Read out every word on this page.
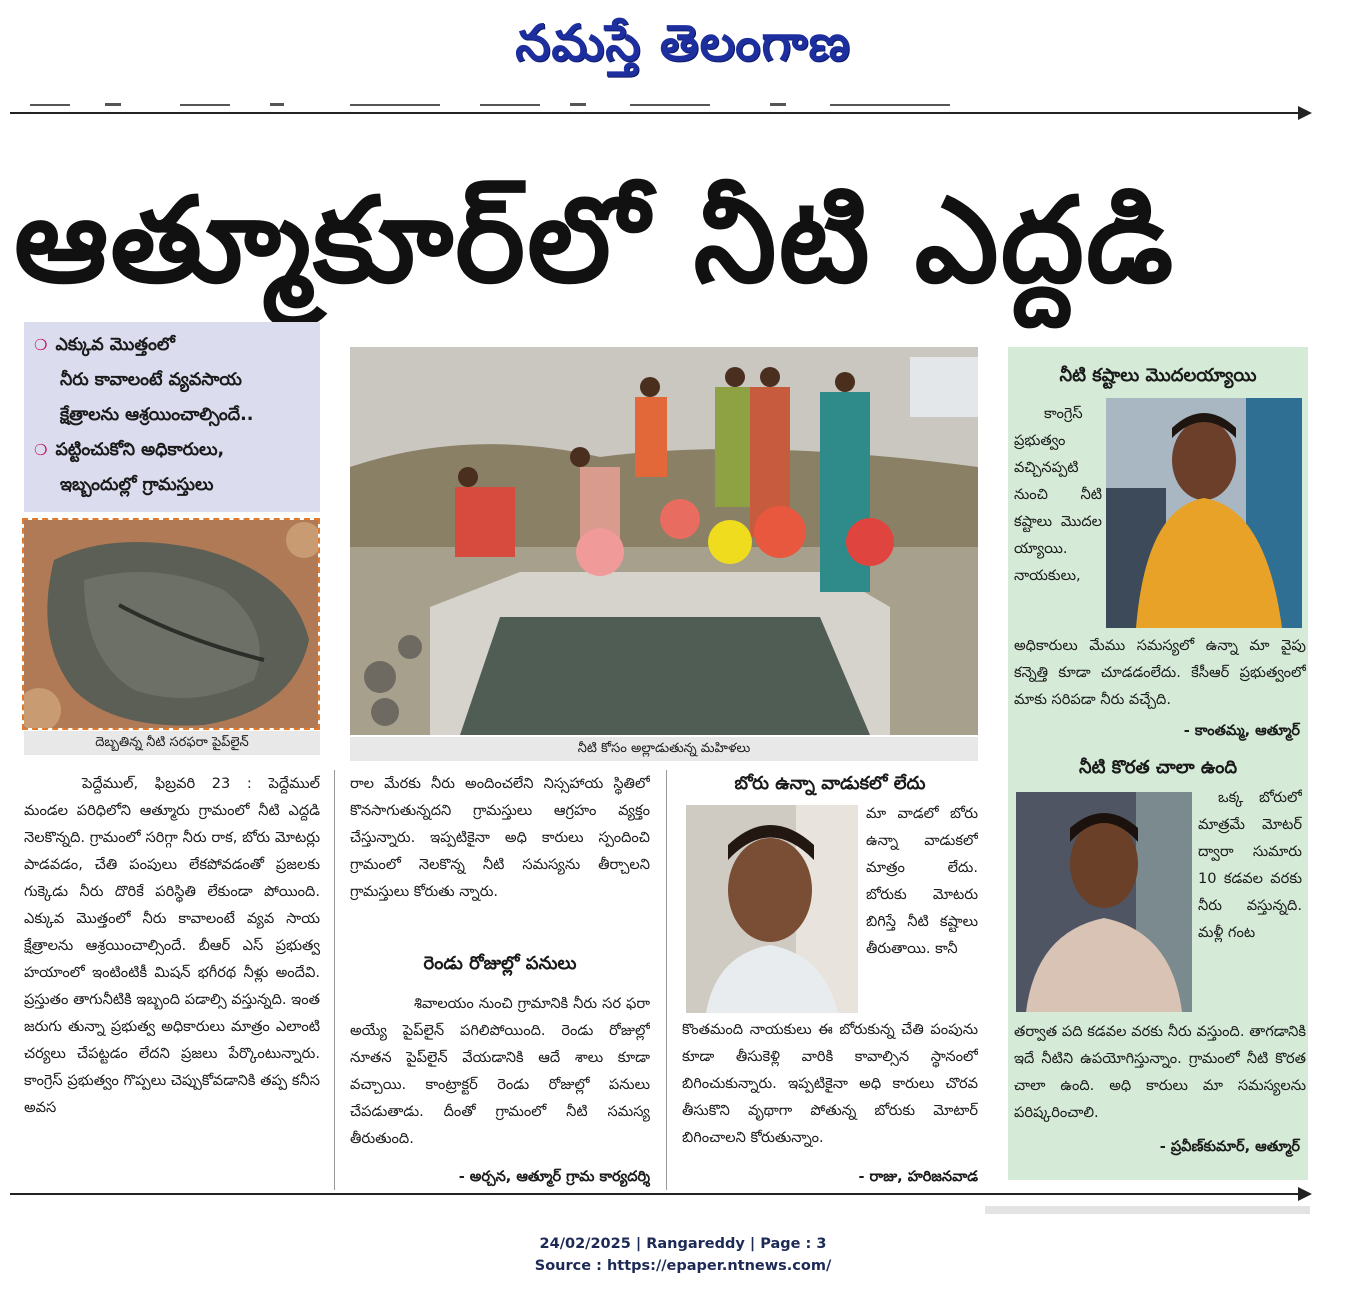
నమస్తే తెలంగాణ
ఆత్మూకూర్‌లో నీటి ఎద్దడి
❍ ఎక్కువ మొత్తంలో
నీరు కావాలంటే వ్యవసాయ
క్షేత్రాలను ఆశ్రయించాల్సిందే..
❍ పట్టించుకోని అధికారులు,
ఇబ్బందుల్లో గ్రామస్తులు
దెబ్బతిన్న నీటి సరఫరా పైప్‌లైన్	నీటి కోసం అల్లాడుతున్న మహిళలు
పెద్దేముల్, ఫిబ్రవరి 23 : పెద్దేముల్ మండల పరిధిలోని ఆత్మూరు గ్రామంలో నీటి ఎద్దడి నెలకొన్నది. గ్రామంలో సరిగ్గా నీరు రాక, బోరు మోటర్లు పాడవడం, చేతి పంపులు లేకపోవడంతో ప్రజలకు గుక్కెడు నీరు దొరికే పరిస్థితి లేకుండా పోయింది. ఎక్కువ మొత్తంలో నీరు కావాలంటే వ్యవ సాయ క్షేత్రాలను ఆశ్రయించాల్సిందే. బీఆర్ ఎస్ ప్రభుత్వ హయాంలో ఇంటింటికీ మిషన్ భగీరథ నీళ్లు అందేవి. ప్రస్తుతం తాగునీటికి ఇబ్బంది పడాల్సి వస్తున్నది. ఇంత జరుగు తున్నా ప్రభుత్వ అధికారులు మాత్రం ఎలాంటి చర్యలు చేపట్టడం లేదని ప్రజలు పేర్కొంటున్నారు. కాంగ్రెస్ ప్రభుత్వం గొప్పలు చెప్పుకోవడానికి తప్ప కనీస అవస
రాల మేరకు నీరు అందించలేని నిస్సహాయ స్థితిలో కొనసాగుతున్నదని గ్రామస్తులు ఆగ్రహం వ్యక్తం చేస్తున్నారు. ఇప్పటికైనా అధి కారులు స్పందించి గ్రామంలో నెలకొన్న నీటి సమస్యను తీర్చాలని గ్రామస్తులు కోరుతు న్నారు.
రెండు రోజుల్లో పనులు
శివాలయం నుంచి గ్రామానికి నీరు సర ఫరా అయ్యే పైప్‌లైన్ పగిలిపోయింది. రెండు రోజుల్లో నూతన పైప్‌లైన్ వేయడానికి ఆదే శాలు కూడా వచ్చాయి. కాంట్రాక్టర్ రెండు రోజుల్లో పనులు చేపడుతాడు. దీంతో గ్రామంలో నీటి సమస్య తీరుతుంది.
- అర్చన, ఆత్మూర్ గ్రామ కార్యదర్శి
బోరు ఉన్నా వాడుకలో లేదు
మా వాడలో బోరు ఉన్నా వాడుకలో మాత్రం లేదు. బోరుకు మోటరు బిగిస్తే నీటి కష్టాలు తీరుతాయి. కానీ
కొంతమంది నాయకులు ఈ బోరుకున్న చేతి పంపును కూడా తీసుకెళ్లి వారికి కావాల్సిన స్థానంలో బిగించుకున్నారు. ఇప్పటికైనా అధి కారులు చొరవ తీసుకొని వృథాగా పోతున్న బోరుకు మోటార్ బిగించాలని కోరుతున్నాం.
- రాజు, హరిజనవాడ
నీటి కష్టాలు మొదలయ్యాయి
కాంగ్రెస్ ప్రభుత్వం వచ్చినప్పటి నుంచి నీటి కష్టాలు మొదల య్యాయి. నాయకులు,
అధికారులు మేము సమస్యలో ఉన్నా మా వైపు కన్నెత్తి కూడా చూడడంలేదు. కేసీఆర్ ప్రభుత్వంలో మాకు సరిపడా నీరు వచ్చేది.
- కాంతమ్మ, ఆత్మూర్
నీటి కొరత చాలా ఉంది
ఒక్క బోరులో మాత్రమే మోటర్ ద్వారా సుమారు 10 కడవల వరకు నీరు వస్తున్నది. మళ్లీ గంట
తర్వాత పది కడవల వరకు నీరు వస్తుంది. తాగడానికి ఇదే నీటిని ఉపయోగిస్తున్నాం. గ్రామంలో నీటి కొరత చాలా ఉంది. అధి కారులు మా సమస్యలను పరిష్కరించాలి.
- ప్రవీణ్‌కుమార్, ఆత్మూర్
24/02/2025 | Rangareddy | Page : 3
Source : https://epaper.ntnews.com/
